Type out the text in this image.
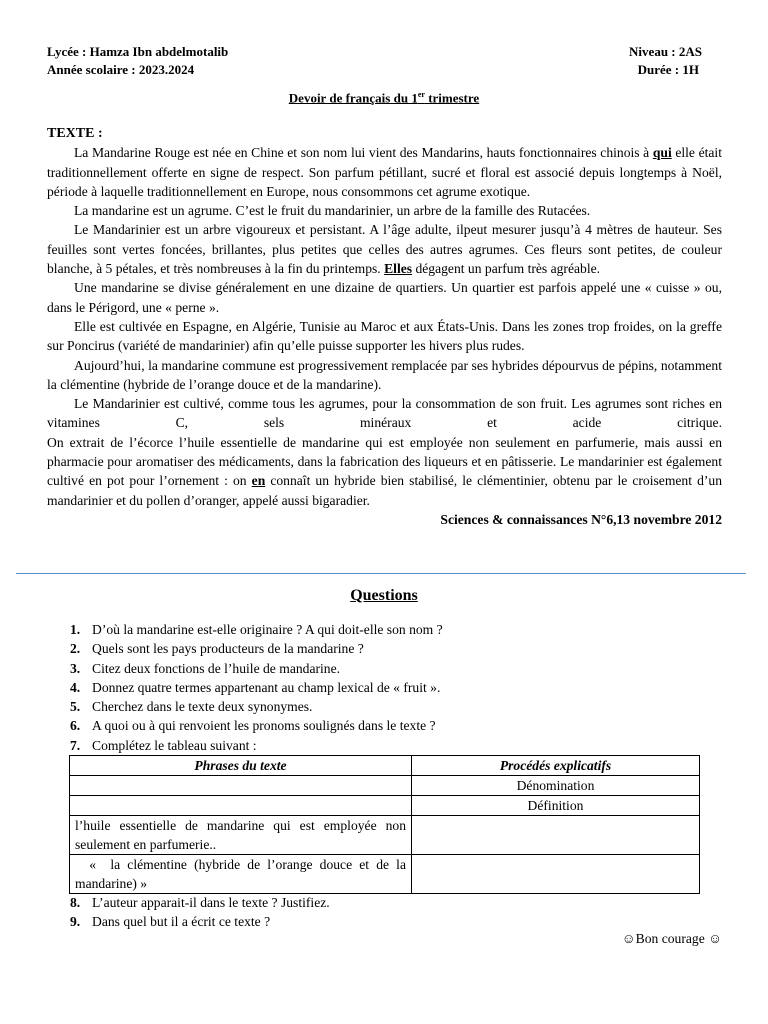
Lycée : Hamza Ibn abdelmotalib
Année scolaire : 2023.2024
Niveau : 2AS
Durée : 1H
Devoir de français du 1er trimestre
TEXTE :

La Mandarine Rouge est née en Chine et son nom lui vient des Mandarins, hauts fonctionnaires chinois à qui elle était traditionnellement offerte en signe de respect. Son parfum pétillant, sucré et floral est associé depuis longtemps à Noël, période à laquelle traditionnellement en Europe, nous consommons cet agrume exotique.

La mandarine est un agrume. C’est le fruit du mandarinier, un arbre de la famille des Rutacées.

Le Mandarinier est un arbre vigoureux et persistant. A l’âge adulte, ilpeut mesurer jusqu’à 4 mètres de hauteur. Ses feuilles sont vertes foncées, brillantes, plus petites que celles des autres agrumes. Ces fleurs sont petites, de couleur blanche, à 5 pétales, et très nombreuses à la fin du printemps. Elles dégagent un parfum très agréable.

Une mandarine se divise généralement en une dizaine de quartiers. Un quartier est parfois appelé une « cuisse » ou, dans le Périgord, une « perne ».

Elle est cultivée en Espagne, en Algérie, Tunisie au Maroc et aux États-Unis. Dans les zones trop froides, on la greffe sur Poncirus (variété de mandarinier) afin qu’elle puisse supporter les hivers plus rudes.

Aujourd’hui, la mandarine commune est progressivement remplacée par ses hybrides dépourvus de pépins, notamment la clémentine (hybride de l’orange douce et de la mandarine).

Le Mandarinier est cultivé, comme tous les agrumes, pour la consommation de son fruit. Les agrumes sont riches en vitamines C, sels minéraux et acide citrique.

On extrait de l’écorce l’huile essentielle de mandarine qui est employée non seulement en parfumerie, mais aussi en pharmacie pour aromatiser des médicaments, dans la fabrication des liqueurs et en pâtisserie. Le mandarinier est également cultivé en pot pour l’ornement : on en connaît un hybride bien stabilisé, le clémentinier, obtenu par le croisement d’un mandarinier et du pollen d’oranger, appelé aussi bigaradier.

Sciences & connaissances N°6,13 novembre 2012
Questions
1. D’où la mandarine est-elle originaire ? A qui doit-elle son nom ?
2. Quels sont les pays producteurs de la mandarine ?
3. Citez deux fonctions de l’huile de mandarine.
4. Donnez quatre termes appartenant au champ lexical de « fruit ».
5. Cherchez dans le texte deux synonymes.
6. A quoi ou à qui renvoient les pronoms soulignés dans le texte ?
7. Complétez le tableau suivant :
Phrases du texte	Procédés explicatifs
	Dénomination
	Définition
l’huile essentielle de mandarine qui est employée non seulement en parfumerie..	
«  la clémentine (hybride de l’orange douce et de la mandarine) »	
8. L’auteur apparait-il dans le texte ? Justifiez.
9. Dans quel but il a écrit ce texte ?
☺Bon courage ☺
